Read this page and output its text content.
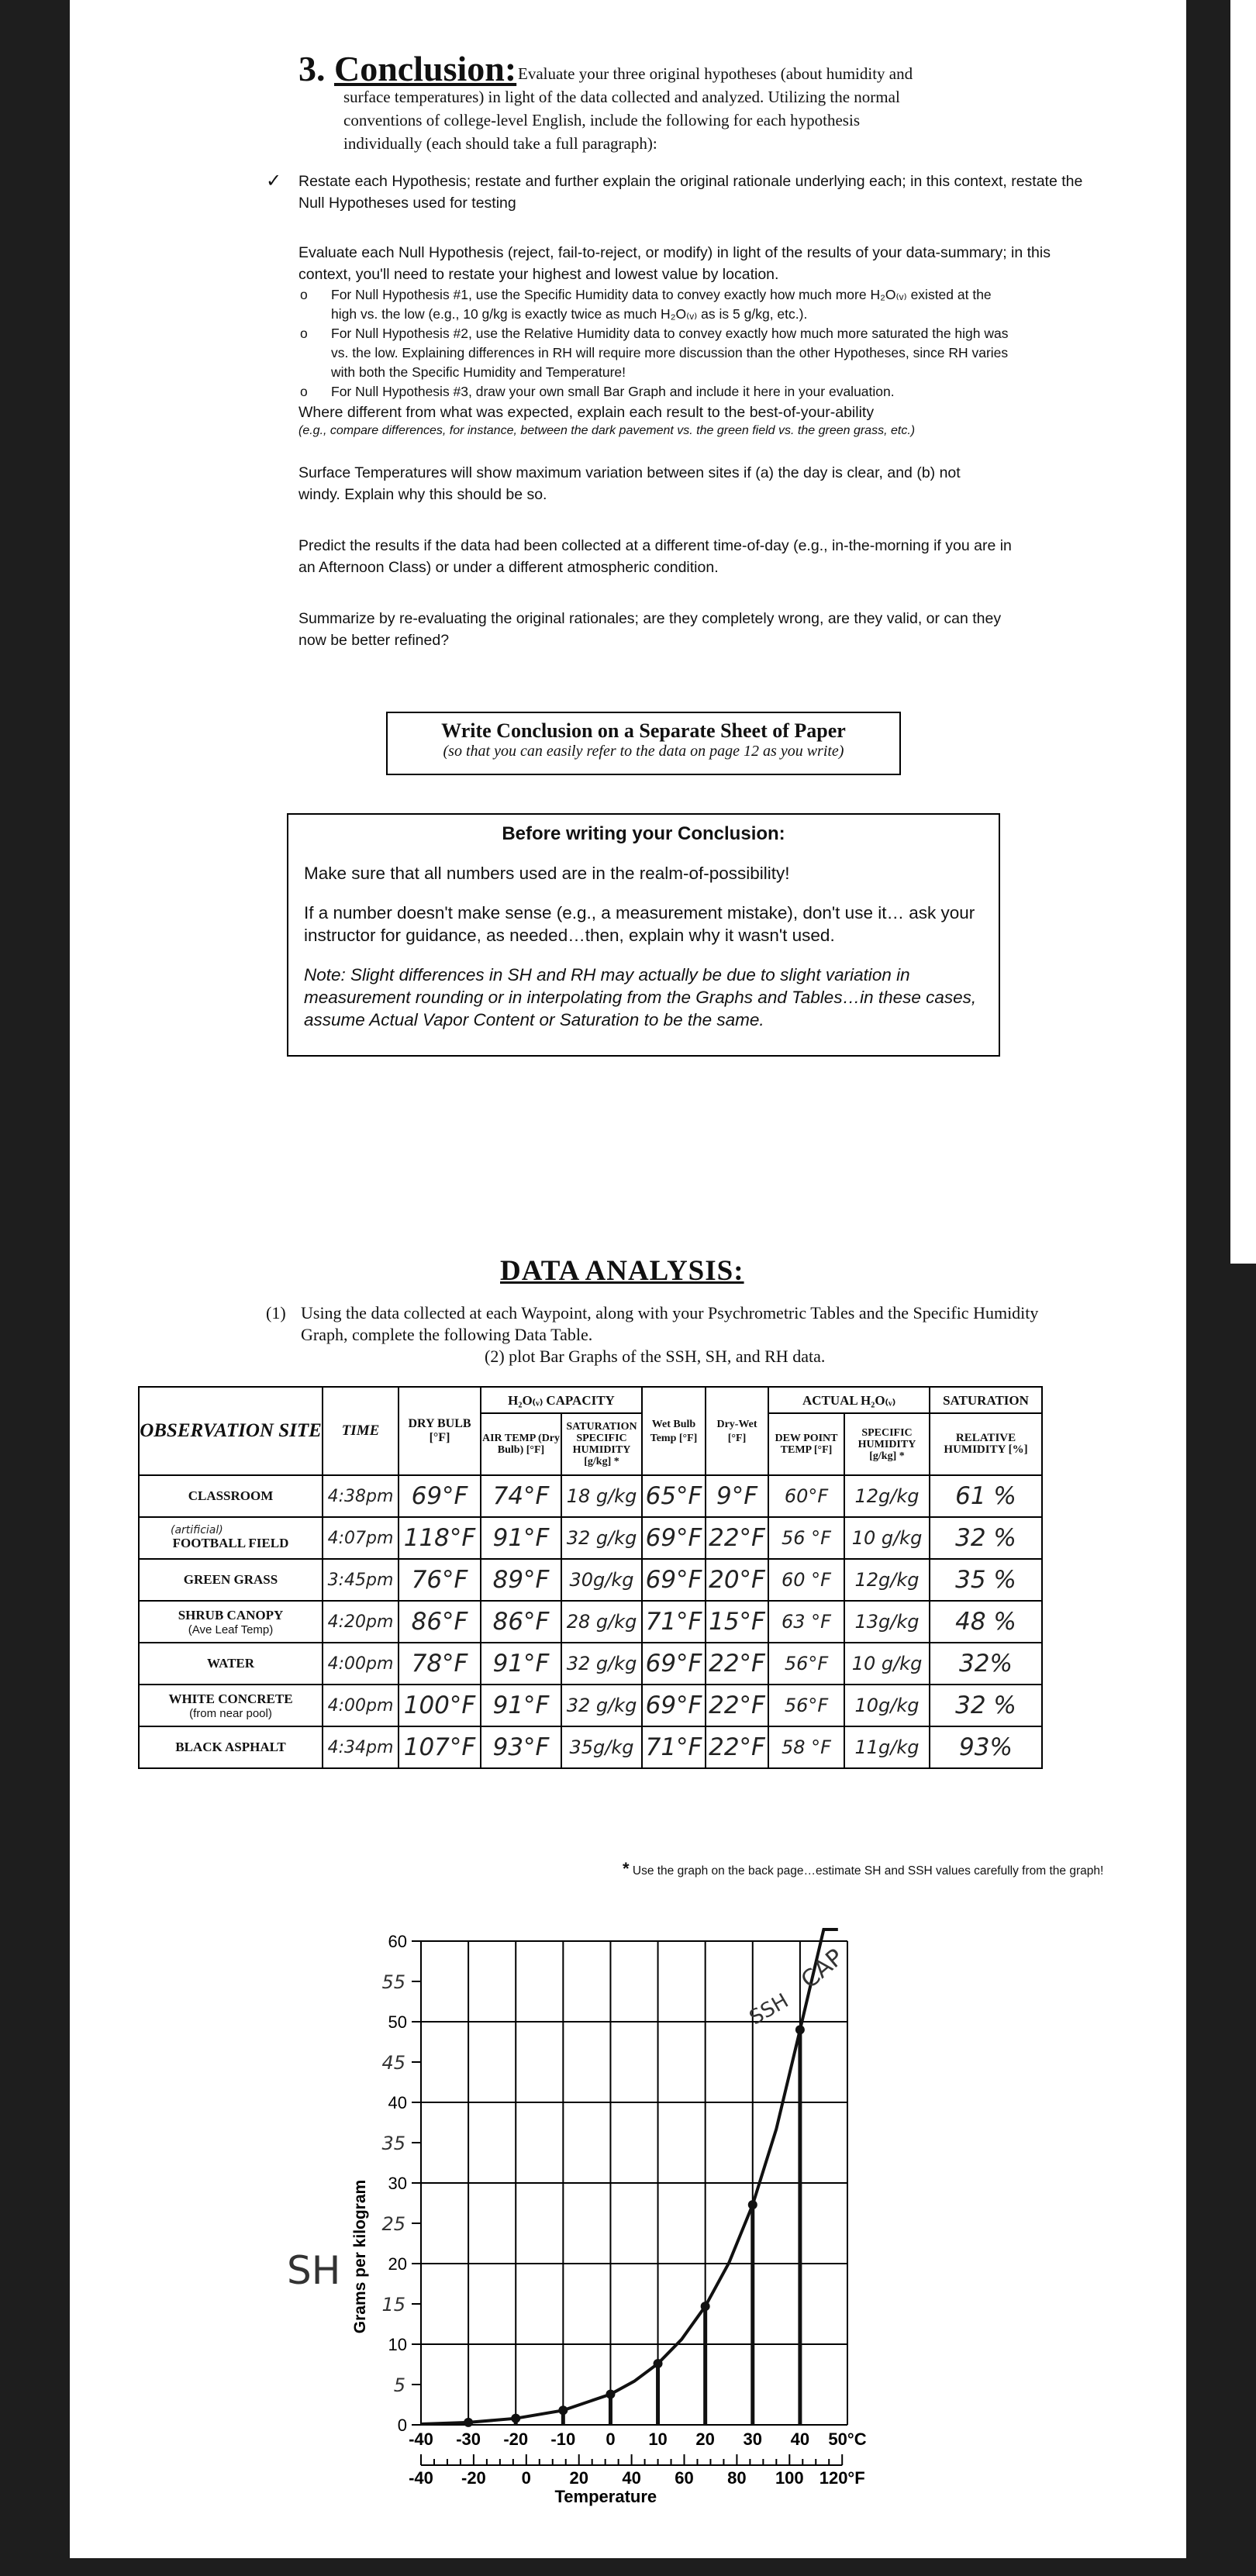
3. Conclusion: Evaluate your three original hypotheses (about humidity and
surface temperatures) in light of the data collected and analyzed. Utilizing the normal
conventions of college-level English, include the following for each hypothesis
individually (each should take a full paragraph):
✓ Restate each Hypothesis; restate and further explain the original rationale underlying each; in this context, restate the Null Hypotheses used for testing
Evaluate each Null Hypothesis (reject, fail-to-reject, or modify) in light of the results of your data-summary; in this context, you'll need to restate your highest and lowest value by location.
o For Null Hypothesis #1, use the Specific Humidity data to convey exactly how much more H₂O₍ᵥ₎ existed at the high vs. the low (e.g., 10 g/kg is exactly twice as much H₂O₍ᵥ₎ as is 5 g/kg, etc.).
o For Null Hypothesis #2, use the Relative Humidity data to convey exactly how much more saturated the high was vs. the low. Explaining differences in RH will require more discussion than the other Hypotheses, since RH varies with both the Specific Humidity and Temperature!
o For Null Hypothesis #3, draw your own small Bar Graph and include it here in your evaluation.
Where different from what was expected, explain each result to the best-of-your-ability
(e.g., compare differences, for instance, between the dark pavement vs. the green field vs. the green grass, etc.)
Surface Temperatures will show maximum variation between sites if (a) the day is clear, and (b) not windy. Explain why this should be so.
Predict the results if the data had been collected at a different time-of-day (e.g., in-the-morning if you are in an Afternoon Class) or under a different atmospheric condition.
Summarize by re-evaluating the original rationales; are they completely wrong, are they valid, or can they now be better refined?
Write Conclusion on a Separate Sheet of Paper
(so that you can easily refer to the data on page 12 as you write)
Before writing your Conclusion:
Make sure that all numbers used are in the realm-of-possibility!
If a number doesn't make sense (e.g., a measurement mistake), don't use it… ask your instructor for guidance, as needed…then, explain why it wasn't used.
Note: Slight differences in SH and RH may actually be due to slight variation in measurement rounding or in interpolating from the Graphs and Tables…in these cases, assume Actual Vapor Content or Saturation to be the same.
DATA ANALYSIS:
(1) Using the data collected at each Waypoint, along with your Psychrometric Tables and the Specific Humidity Graph, complete the following Data Table.
(2) plot Bar Graphs of the SSH, SH, and RH data.
OBSERVATION SITE	TIME	DRY BULB [°F]	H₂O₍ᵥ₎ CAPACITY		Wet Bulb Temp [°F]	Dry-Wet [°F]	ACTUAL H₂O₍ᵥ₎		SATURATION
			AIR TEMP (Dry Bulb) [°F]	SATURATION SPECIFIC HUMIDITY [g/kg] *			DEW POINT TEMP [°F]	SPECIFIC HUMIDITY [g/kg] *	RELATIVE HUMIDITY [%]

CLASSROOM	4:38pm	69°F	74°F	18 g/kg	65°F	9°F	60°F	12g/kg	61 %

(artificial)
FOOTBALL FIELD	4:07pm	118°F	91°F	32 g/kg	69°F	22°F	56 °F	10 g/kg	32 %

GREEN GRASS	3:45pm	76°F	89°F	30g/kg	69°F	20°F	60 °F	12g/kg	35 %

SHRUB CANOPY
(Ave Leaf Temp)	4:20pm	86°F	86°F	28 g/kg	71°F	15°F	63 °F	13g/kg	48 %

WATER	4:00pm	78°F	91°F	32 g/kg	69°F	22°F	56°F	10 g/kg	32%

WHITE CONCRETE
(from near pool)	4:00pm	100°F	91°F	32 g/kg	69°F	22°F	56°F	10g/kg	32 %

BLACK ASPHALT	4:34pm	107°F	93°F	35g/kg	71°F	22°F	58 °F	11g/kg	93%
* Use the graph on the back page…estimate SH and SSH values carefully from the graph!
0
10
20
30
40
50
60
5
15
25
35
45
55
Grams per kilogram
SH
SSH
CAP
-40 -30 -20 -10 0 10 20 30 40 50°C
-40 -20 0 20 40 60 80 100 120°F
Temperature
